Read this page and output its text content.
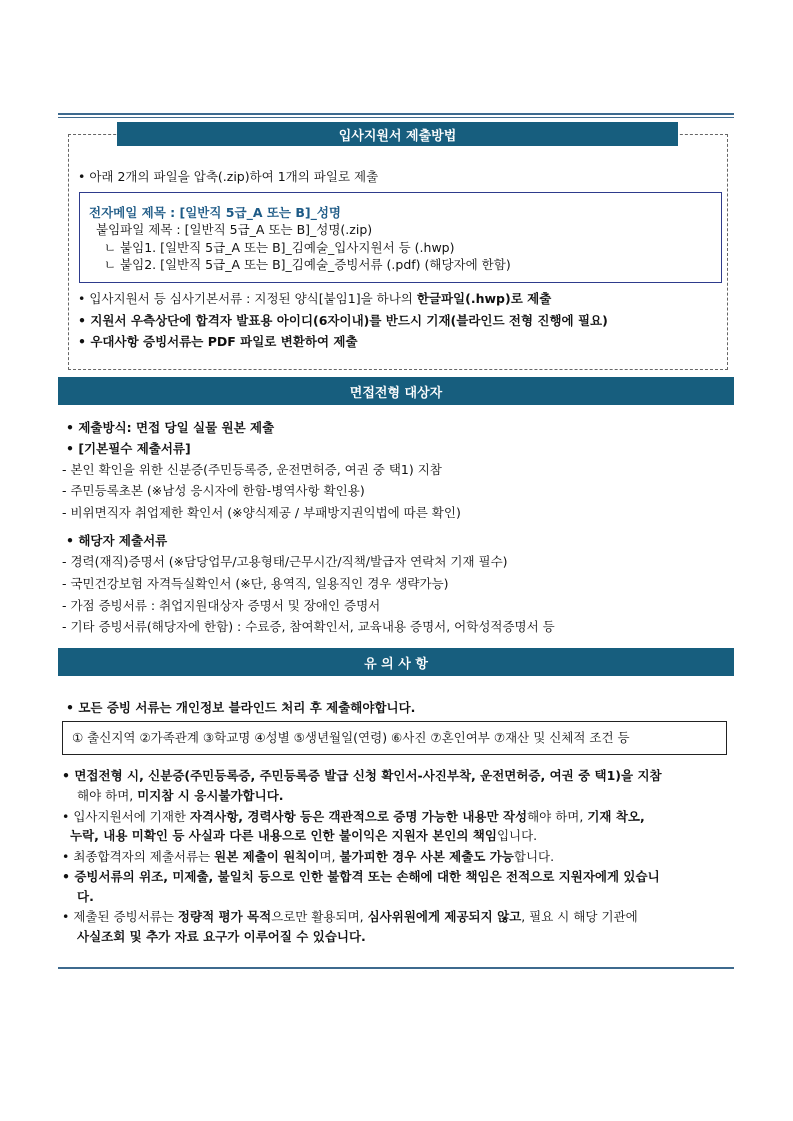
입사지원서 제출방법
• 아래 2개의 파일을 압축(.zip)하여 1개의 파일로 제출
전자메일 제목 : [일반직 5급_A 또는 B]_성명
붙임파일 제목 : [일반직 5급_A 또는 B]_성명(.zip)
ㄴ 붙임1. [일반직 5급_A 또는 B]_김예술_입사지원서 등 (.hwp)
ㄴ 붙임2. [일반직 5급_A 또는 B]_김예술_증빙서류 (.pdf) (해당자에 한함)
• 입사지원서 등 심사기본서류 : 지정된 양식[붙임1]을 하나의 한글파일(.hwp)로 제출
• 지원서 우측상단에 합격자 발표용 아이디(6자이내)를 반드시 기재(블라인드 전형 진행에 필요)
• 우대사항 증빙서류는 PDF 파일로 변환하여 제출
면접전형 대상자
• 제출방식: 면접 당일 실물 원본 제출
• [기본필수 제출서류]
- 본인 확인을 위한 신분증(주민등록증, 운전면허증, 여권 중 택1) 지참
- 주민등록초본 (※남성 응시자에 한함-병역사항 확인용)
- 비위면직자 취업제한 확인서 (※양식제공 / 부패방지권익법에 따른 확인)
• 해당자 제출서류
- 경력(재직)증명서 (※담당업무/고용형태/근무시간/직책/발급자 연락처 기재 필수)
- 국민건강보험 자격득실확인서 (※단, 용역직, 일용직인 경우 생략가능)
- 가점 증빙서류 : 취업지원대상자 증명서 및 장애인 증명서
- 기타 증빙서류(해당자에 한함) : 수료증, 참여확인서, 교육내용 증명서, 어학성적증명서 등
유 의 사 항
• 모든 증빙 서류는 개인정보 블라인드 처리 후 제출해야합니다.
① 출신지역 ②가족관계 ③학교명 ④성별 ⑤생년월일(연령) ⑥사진 ⑦혼인여부 ⑦재산 및 신체적 조건 등
• 면접전형 시, 신분증(주민등록증, 주민등록증 발급 신청 확인서-사진부착, 운전면허증, 여권 중 택1)을 지참
해야 하며, 미지참 시 응시불가합니다.
• 입사지원서에 기재한 자격사항, 경력사항 등은 객관적으로 증명 가능한 내용만 작성해야 하며, 기재 착오,
누락, 내용 미확인 등 사실과 다른 내용으로 인한 불이익은 지원자 본인의 책임입니다.
• 최종합격자의 제출서류는 원본 제출이 원칙이며, 불가피한 경우 사본 제출도 가능합니다.
• 증빙서류의 위조, 미제출, 불일치 등으로 인한 불합격 또는 손해에 대한 책임은 전적으로 지원자에게 있습니
다.
• 제출된 증빙서류는 정량적 평가 목적으로만 활용되며, 심사위원에게 제공되지 않고, 필요 시 해당 기관에
사실조회 및 추가 자료 요구가 이루어질 수 있습니다.
